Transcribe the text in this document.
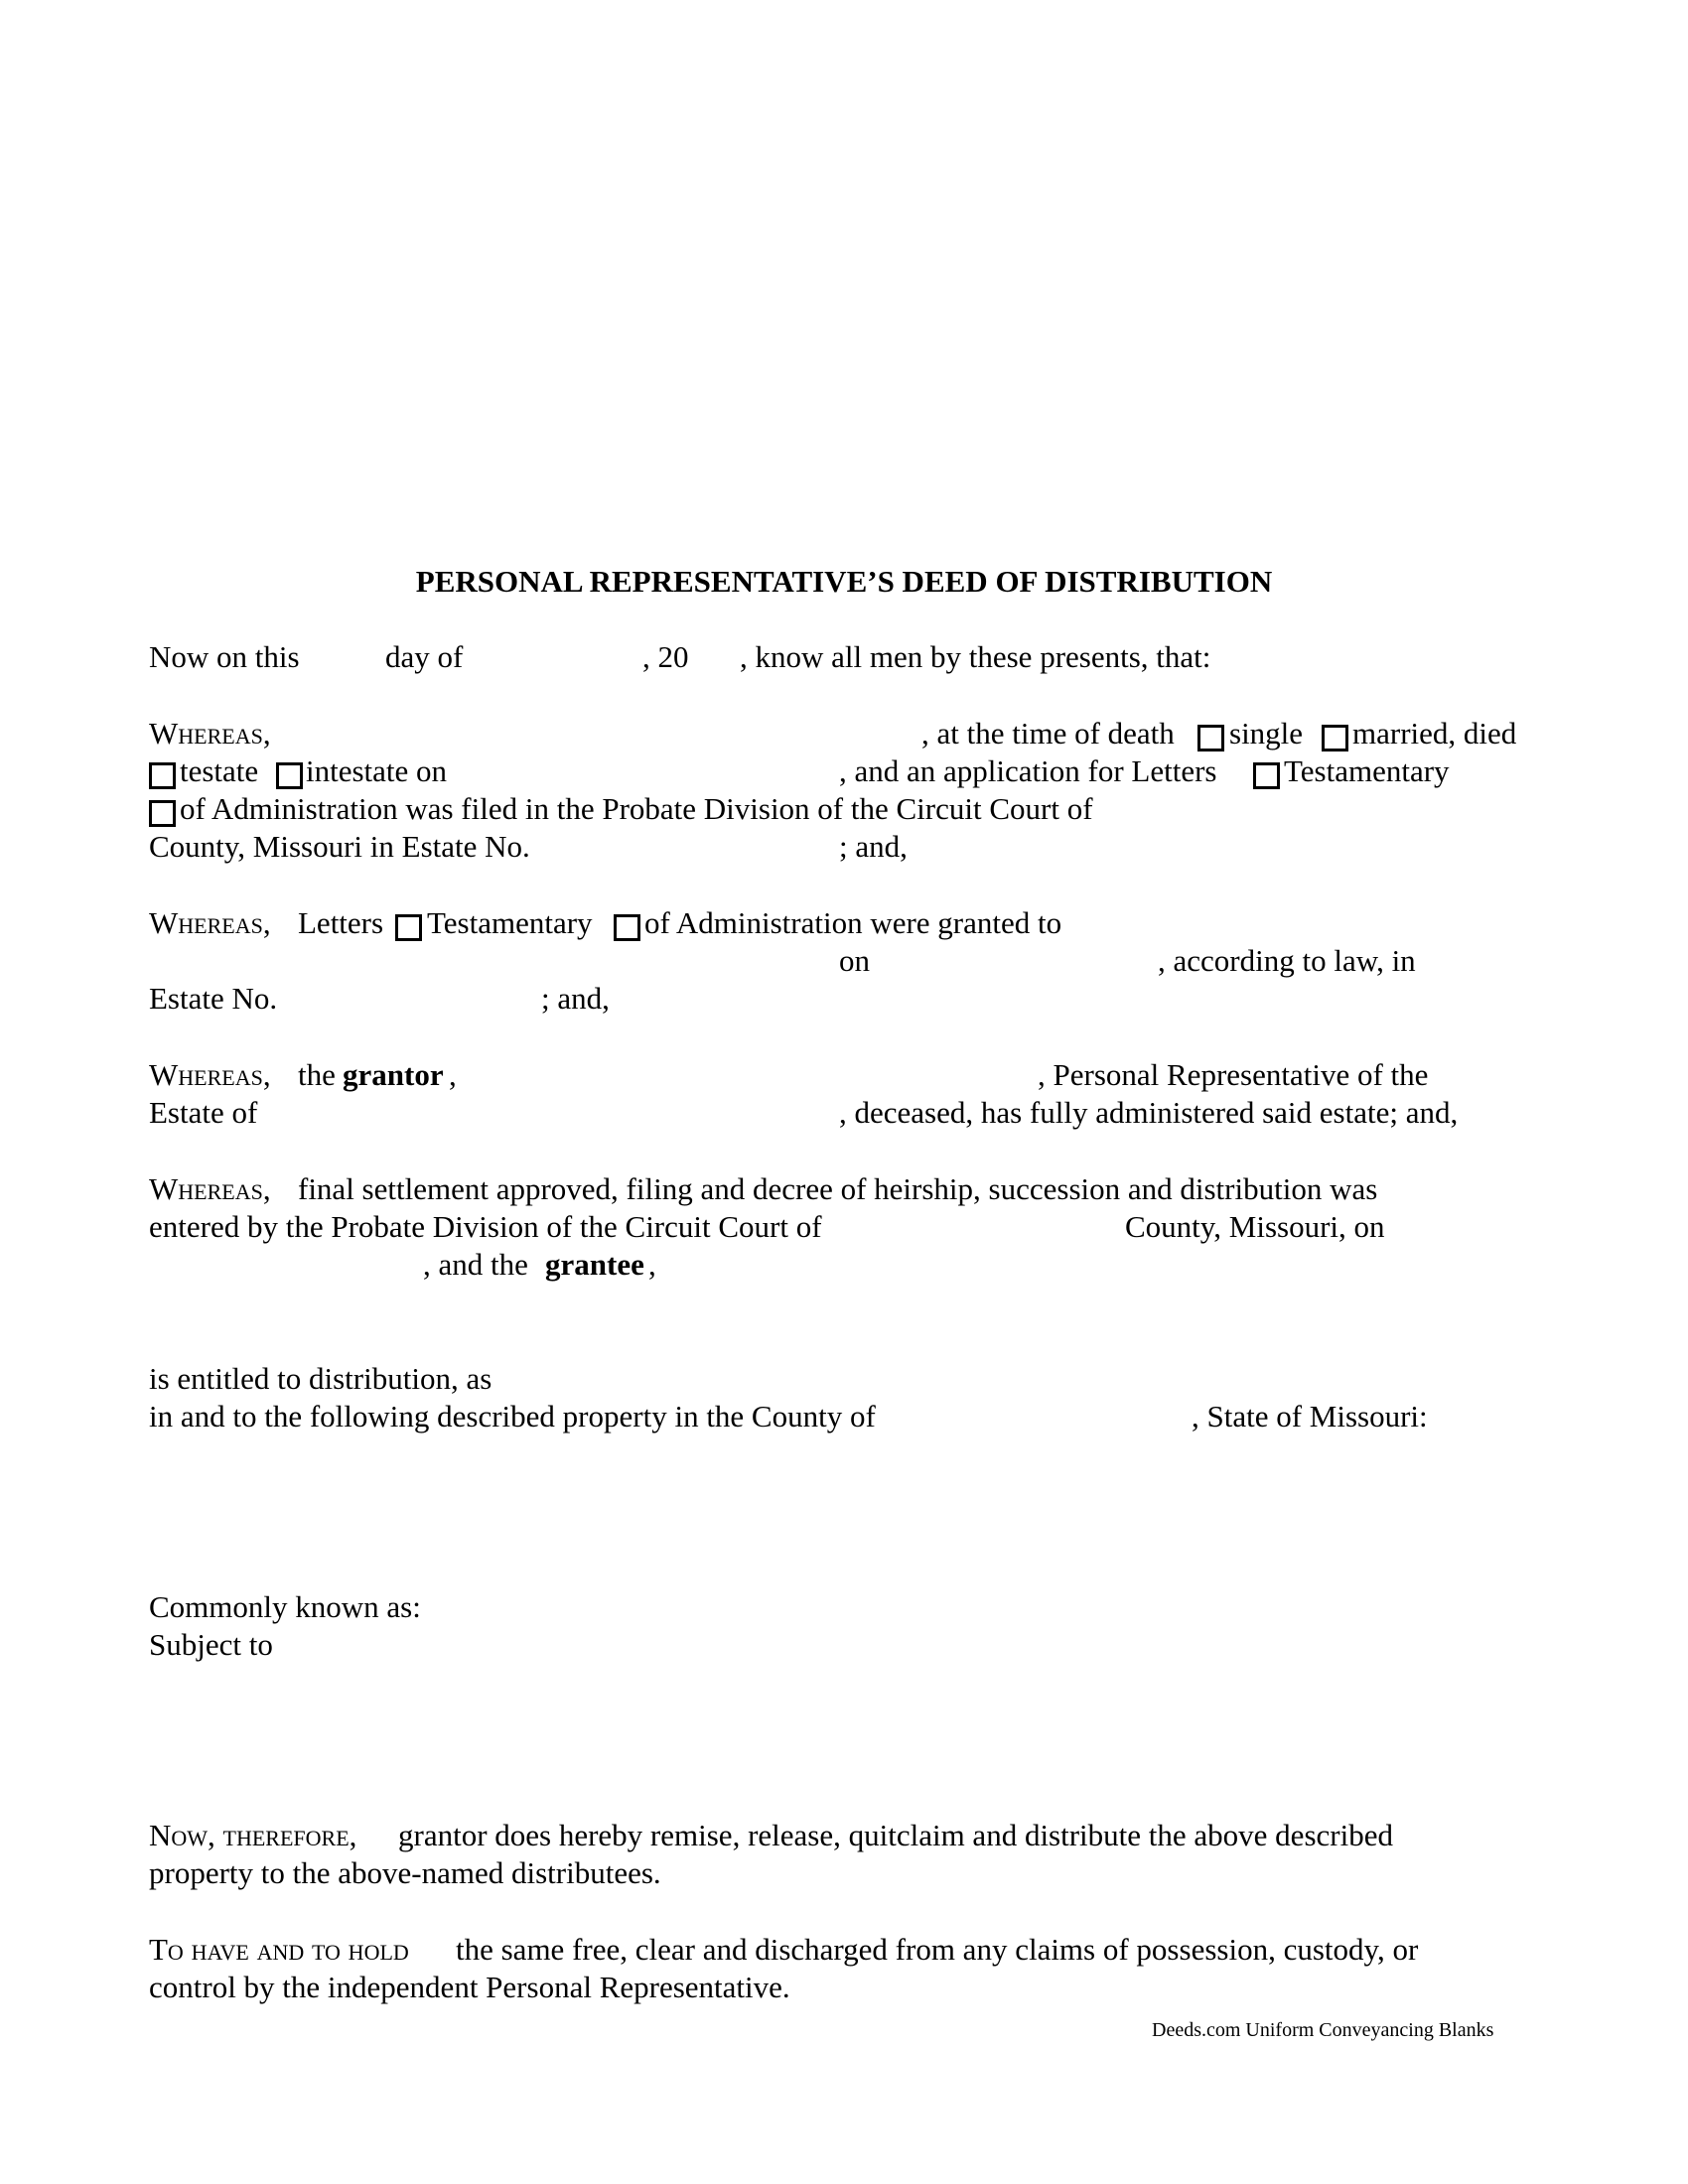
PERSONAL REPRESENTATIVE’S DEED OF DISTRIBUTION
Now on this	day of	, 20 , know all men by these presents, that:
Whereas,	, at the time of death single married, died
testate intestate on	, and an application for Letters Testamentary
of Administration was filed in the Probate Division of the Circuit Court of
County, Missouri in Estate No.	; and,
Whereas, Letters Testamentary of Administration were granted to
on	, according to law, in
Estate No.	; and,
Whereas, the grantor ,	, Personal Representative of the
Estate of	, deceased, has fully administered said estate; and,
Whereas, final settlement approved, filing and decree of heirship, succession and distribution was
entered by the Probate Division of the Circuit Court of	County, Missouri, on
, and the grantee ,
is entitled to distribution, as
in and to the following described property in the County of	, State of Missouri:
Commonly known as:
Subject to
Now, therefore, grantor does hereby remise, release, quitclaim and distribute the above described
property to the above-named distributees.
To have and to hold the same free, clear and discharged from any claims of possession, custody, or
control by the independent Personal Representative.
Deeds.com Uniform Conveyancing Blanks
